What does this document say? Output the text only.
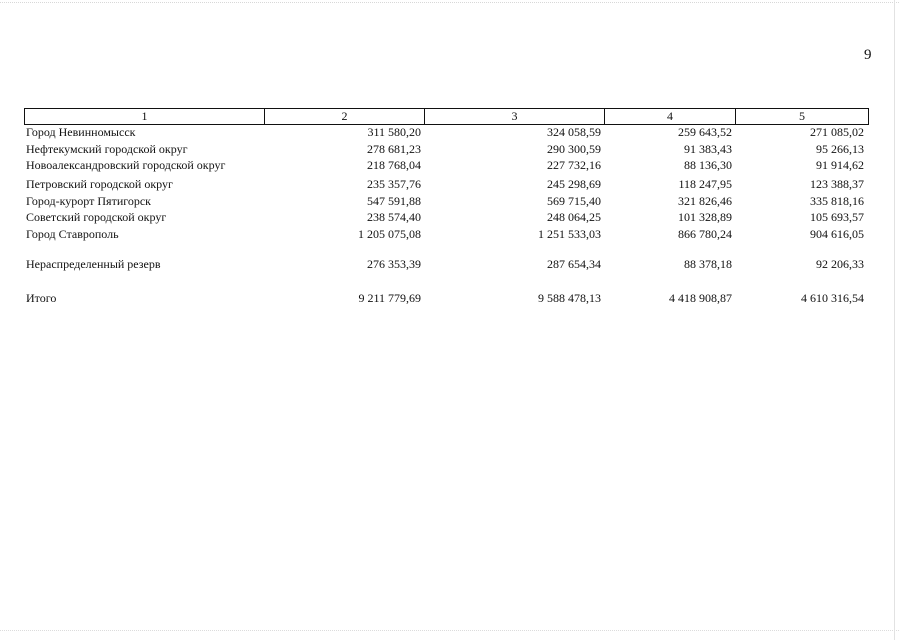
9
1	2	3	4	5
Город Невинномысск	311 580,20	324 058,59	259 643,52	271 085,02
Нефтекумский городской округ	278 681,23	290 300,59	91 383,43	95 266,13
Новоалександровский городской округ	218 768,04	227 732,16	88 136,30	91 914,62
Петровский городской округ	235 357,76	245 298,69	118 247,95	123 388,37
Город-курорт Пятигорск	547 591,88	569 715,40	321 826,46	335 818,16
Советский городской округ	238 574,40	248 064,25	101 328,89	105 693,57
Город Ставрополь	1 205 075,08	1 251 533,03	866 780,24	904 616,05
Нераспределенный резерв	276 353,39	287 654,34	88 378,18	92 206,33
Итого	9 211 779,69	9 588 478,13	4 418 908,87	4 610 316,54
